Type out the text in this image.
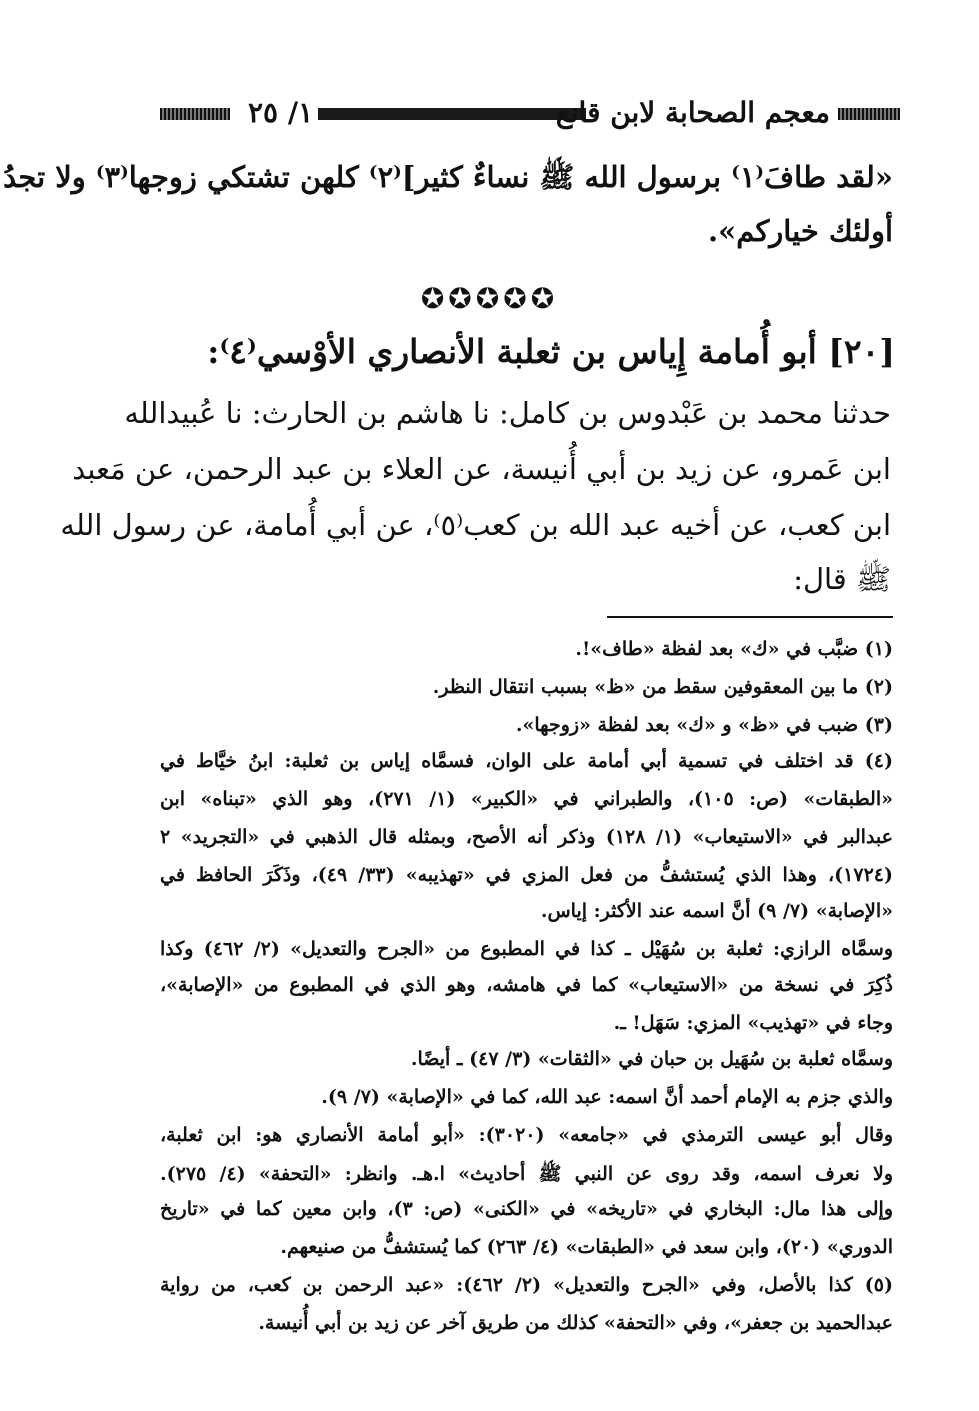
١/ ٢٥	معجم الصحابة لابن قانع
«لقد طافَ⁽١⁾ برسول الله ﷺ نساءٌ كثير]⁽٢⁾ كلهن تشتكي زوجها⁽٣⁾ ولا تجدُ
أولئك خياركم».
✪✪✪✪✪
[٢٠] أبو أُمامة إِياس بن ثعلبة الأنصاري الأوْسي⁽٤⁾:
حدثنا محمد بن عَبْدوس بن كامل: نا هاشم بن الحارث: نا عُبيدالله
ابن عَمرو، عن زيد بن أبي أُنيسة، عن العلاء بن عبد الرحمن، عن مَعبد
ابن كعب، عن أخيه عبد الله بن كعب⁽٥⁾، عن أبي أُمامة، عن رسول الله
ﷺ قال:
(١) ضبَّب في «ك» بعد لفظة «طاف»!.
(٢) ما بين المعقوفين سقط من «ظ» بسبب انتقال النظر.
(٣) ضبب في «ظ» و «ك» بعد لفظة «زوجها».
(٤) قد اختلف في تسمية أبي أمامة على الوان، فسمَّاه إياس بن ثعلبة: ابنُ خيَّاط في
«الطبقات» (ص: ١٠٥)، والطبراني في «الكبير» (١/ ٢٧١)، وهو الذي «تبناه» ابن
عبدالبر في «الاستيعاب» (١/ ١٢٨) وذكر أنه الأصح، وبمثله قال الذهبي في «التجريد» ٢
(١٧٢٤)، وهذا الذي يُستشفُّ من فعل المزي في «تهذيبه» (٣٣/ ٤٩)، وذَكَرَ الحافظ في
«الإصابة» (٧/ ٩) أنَّ اسمه عند الأكثر: إياس.
وسمَّاه الرازي: ثعلبة بن سُهَيْل ـ كذا في المطبوع من «الجرح والتعديل» (٢/ ٤٦٢) وكذا
ذُكِرَ في نسخة من «الاستيعاب» كما في هامشه، وهو الذي في المطبوع من «الإصابة»،
وجاء في «تهذيب» المزي: سَهَل! ـ.
وسمَّاه ثعلبة بن سُهَيل بن حبان في «الثقات» (٣/ ٤٧) ـ أيضًا.
والذي جزم به الإمام أحمد أنَّ اسمه: عبد الله، كما في «الإصابة» (٧/ ٩).
وقال أبو عيسى الترمذي في «جامعه» (٣٠٢٠): «أبو أمامة الأنصاري هو: ابن ثعلبة،
ولا نعرف اسمه، وقد روى عن النبي ﷺ أحاديث» ا.هـ. وانظر: «التحفة» (٤/ ٢٧٥).
وإلى هذا مال: البخاري في «تاريخه» في «الكنى» (ص: ٣)، وابن معين كما في «تاريخ
الدوري» (٢٠)، وابن سعد في «الطبقات» (٤/ ٢٦٣) كما يُستشفُّ من صنيعهم.
(٥) كذا بالأصل، وفي «الجرح والتعديل» (٢/ ٤٦٢): «عبد الرحمن بن كعب، من رواية
عبدالحميد بن جعفر»، وفي «التحفة» كذلك من طريق آخر عن زيد بن أبي أُنيسة.
